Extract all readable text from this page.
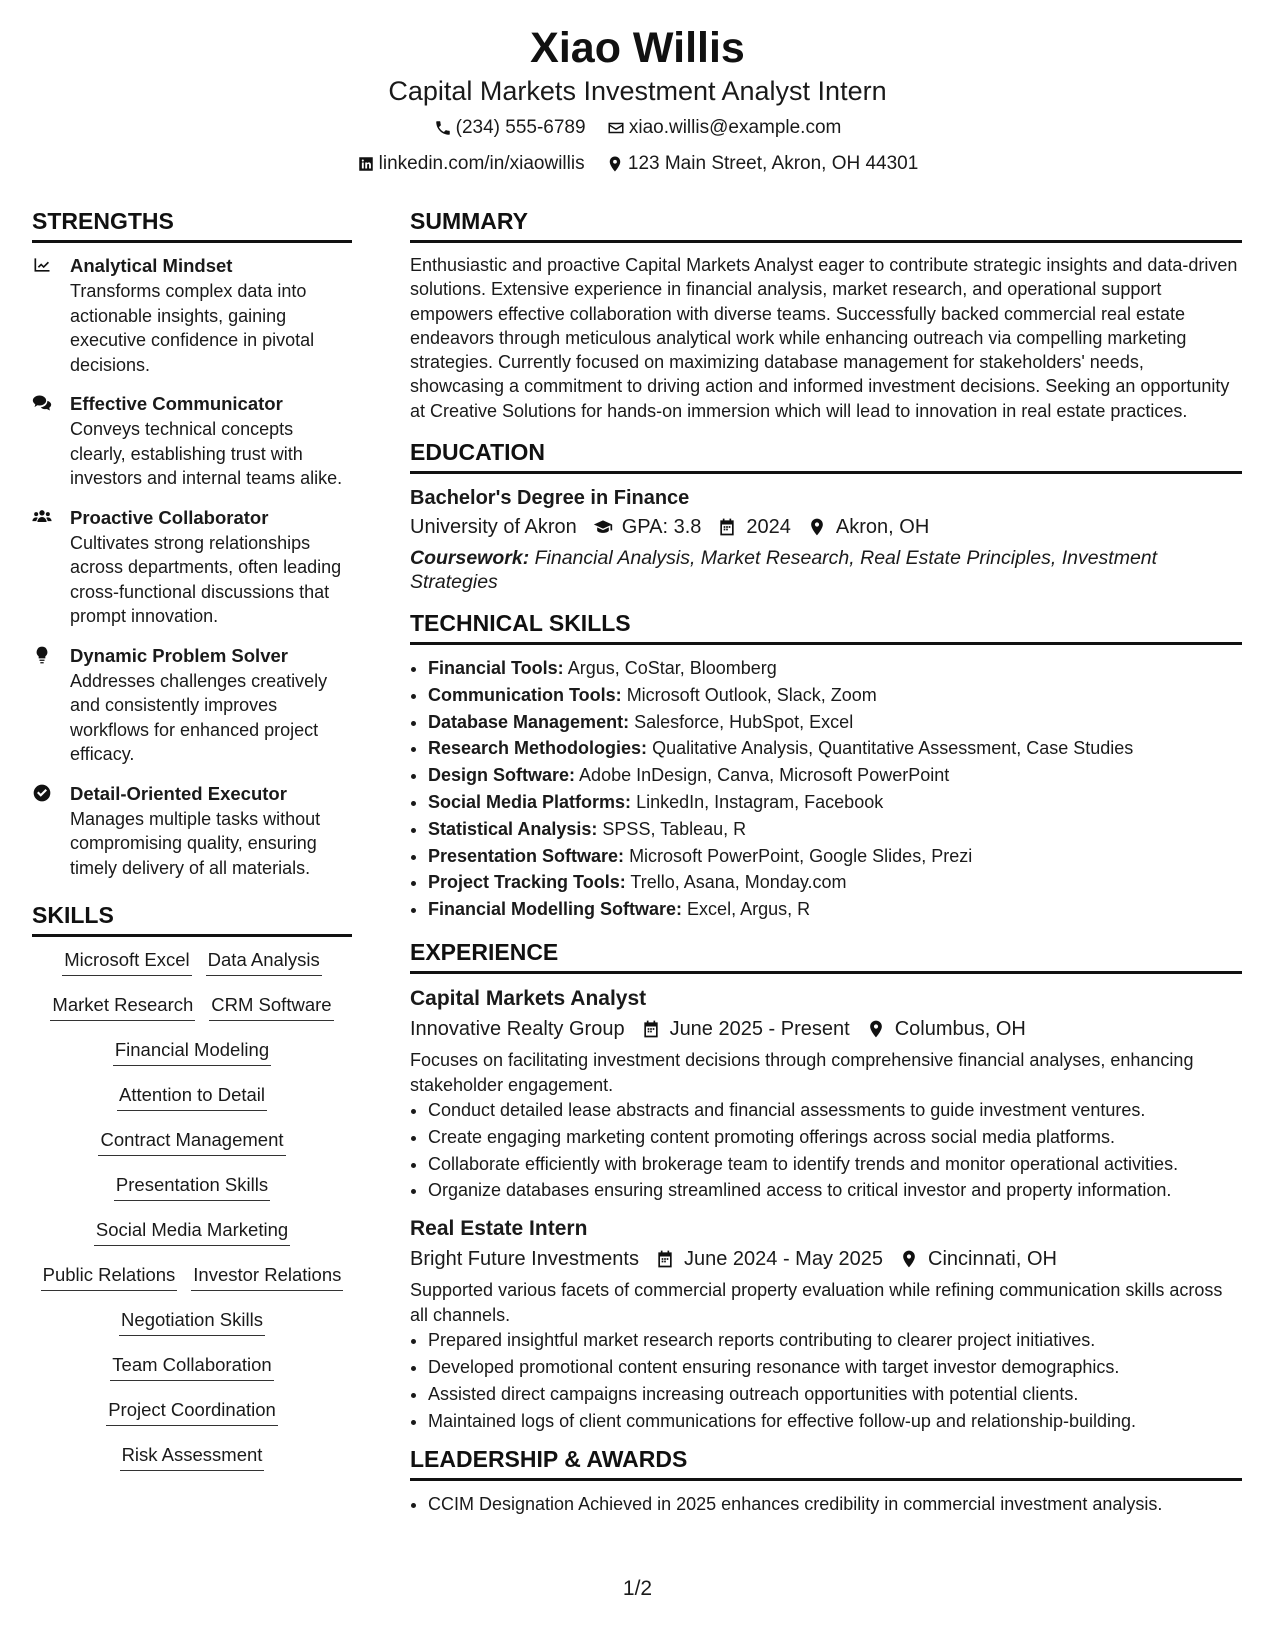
Xiao Willis
Capital Markets Investment Analyst Intern
(234) 555-6789
xiao.willis@example.com
linkedin.com/in/xiaowillis
123 Main Street, Akron, OH 44301
STRENGTHS
Analytical Mindset
Transforms complex data into actionable insights, gaining executive confidence in pivotal decisions.
Effective Communicator
Conveys technical concepts clearly, establishing trust with investors and internal teams alike.
Proactive Collaborator
Cultivates strong relationships across departments, often leading cross-functional discussions that prompt innovation.
Dynamic Problem Solver
Addresses challenges creatively and consistently improves workflows for enhanced project efficacy.
Detail-Oriented Executor
Manages multiple tasks without compromising quality, ensuring timely delivery of all materials.
SKILLS
Microsoft Excel Data Analysis
Market Research CRM Software
Financial Modeling
Attention to Detail
Contract Management
Presentation Skills
Social Media Marketing
Public Relations Investor Relations
Negotiation Skills
Team Collaboration
Project Coordination
Risk Assessment
SUMMARY
Enthusiastic and proactive Capital Markets Analyst eager to contribute strategic insights and data-driven solutions. Extensive experience in financial analysis, market research, and operational support empowers effective collaboration with diverse teams. Successfully backed commercial real estate endeavors through meticulous analytical work while enhancing outreach via compelling marketing strategies. Currently focused on maximizing database management for stakeholders' needs, showcasing a commitment to driving action and informed investment decisions. Seeking an opportunity at Creative Solutions for hands-on immersion which will lead to innovation in real estate practices.
EDUCATION
Bachelor's Degree in Finance
University of Akron GPA: 3.8 2024 Akron, OH
Coursework: Financial Analysis, Market Research, Real Estate Principles, Investment Strategies
TECHNICAL SKILLS
• Financial Tools: Argus, CoStar, Bloomberg
• Communication Tools: Microsoft Outlook, Slack, Zoom
• Database Management: Salesforce, HubSpot, Excel
• Research Methodologies: Qualitative Analysis, Quantitative Assessment, Case Studies
• Design Software: Adobe InDesign, Canva, Microsoft PowerPoint
• Social Media Platforms: LinkedIn, Instagram, Facebook
• Statistical Analysis: SPSS, Tableau, R
• Presentation Software: Microsoft PowerPoint, Google Slides, Prezi
• Project Tracking Tools: Trello, Asana, Monday.com
• Financial Modelling Software: Excel, Argus, R
EXPERIENCE
Capital Markets Analyst
Innovative Realty Group June 2025 - Present Columbus, OH
Focuses on facilitating investment decisions through comprehensive financial analyses, enhancing stakeholder engagement.
• Conduct detailed lease abstracts and financial assessments to guide investment ventures.
• Create engaging marketing content promoting offerings across social media platforms.
• Collaborate efficiently with brokerage team to identify trends and monitor operational activities.
• Organize databases ensuring streamlined access to critical investor and property information.
Real Estate Intern
Bright Future Investments June 2024 - May 2025 Cincinnati, OH
Supported various facets of commercial property evaluation while refining communication skills across all channels.
• Prepared insightful market research reports contributing to clearer project initiatives.
• Developed promotional content ensuring resonance with target investor demographics.
• Assisted direct campaigns increasing outreach opportunities with potential clients.
• Maintained logs of client communications for effective follow-up and relationship-building.
LEADERSHIP & AWARDS
• CCIM Designation Achieved in 2025 enhances credibility in commercial investment analysis.
1/2
